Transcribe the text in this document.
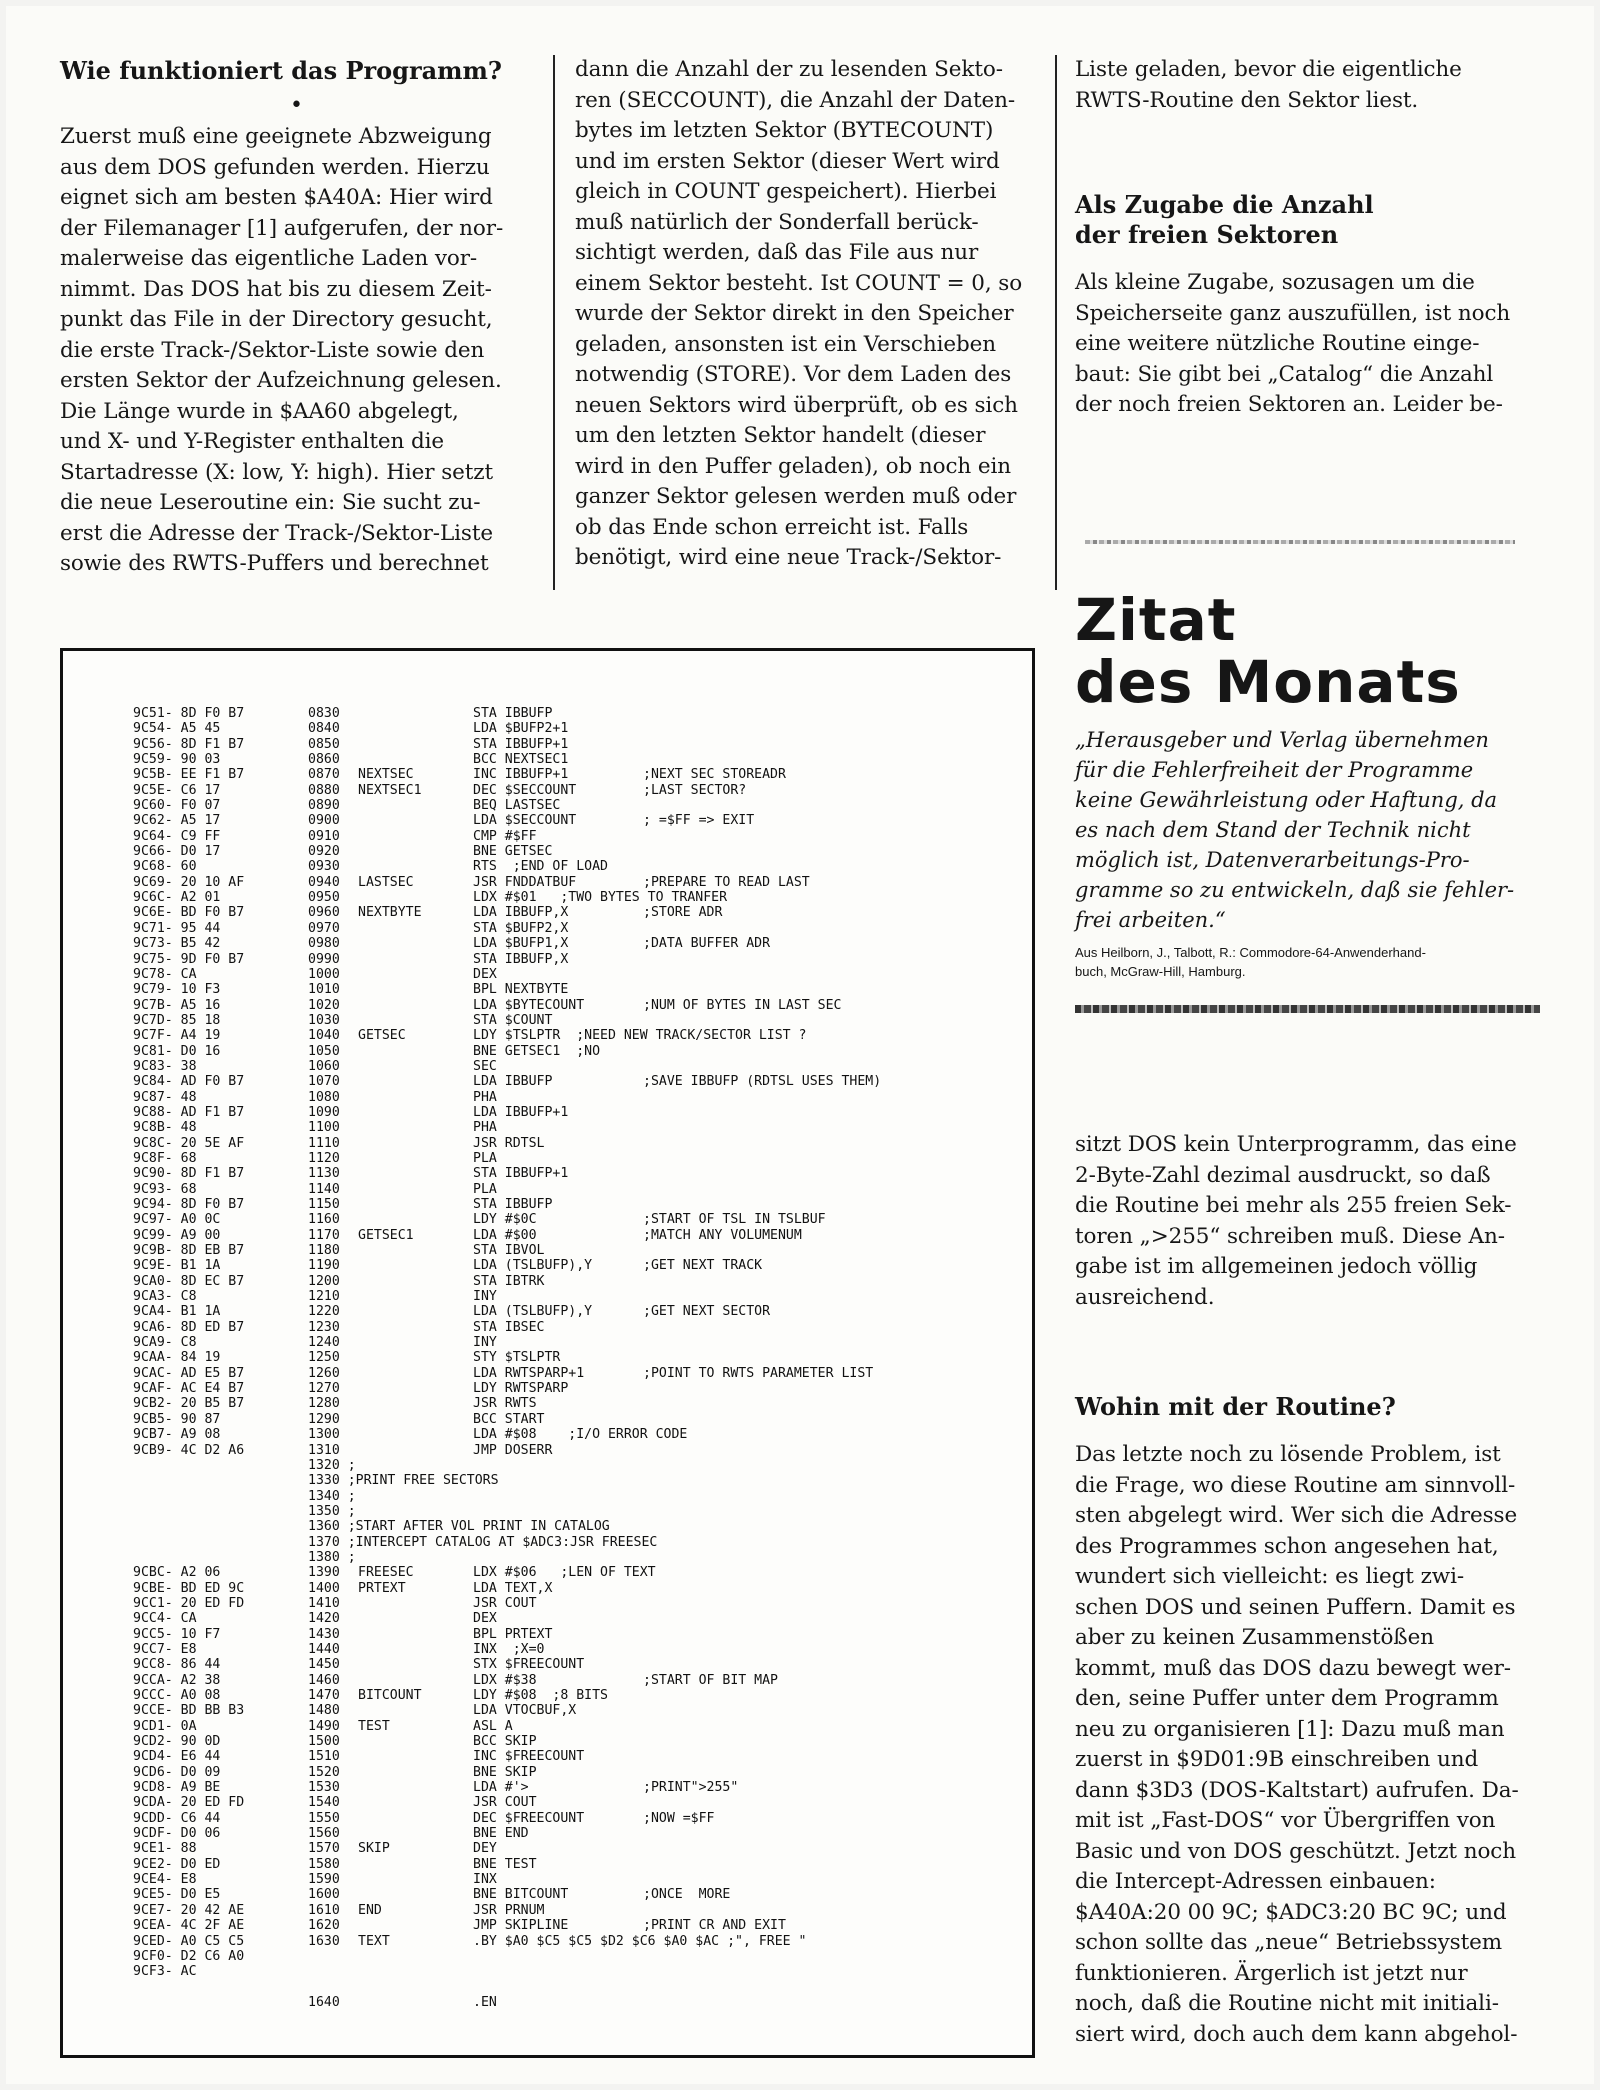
Wie funktioniert das Programm?
•
Zuerst muß eine geeignete Abzweigung
aus dem DOS gefunden werden. Hierzu
eignet sich am besten $A40A: Hier wird
der Filemanager [1] aufgerufen, der nor-
malerweise das eigentliche Laden vor-
nimmt. Das DOS hat bis zu diesem Zeit-
punkt das File in der Directory gesucht,
die erste Track-/Sektor-Liste sowie den
ersten Sektor der Aufzeichnung gelesen.
Die Länge wurde in $AA60 abgelegt,
und X- und Y-Register enthalten die
Startadresse (X: low, Y: high). Hier setzt
die neue Leseroutine ein: Sie sucht zu-
erst die Adresse der Track-/Sektor-Liste
sowie des RWTS-Puffers und berechnet
dann die Anzahl der zu lesenden Sekto-
ren (SECCOUNT), die Anzahl der Daten-
bytes im letzten Sektor (BYTECOUNT)
und im ersten Sektor (dieser Wert wird
gleich in COUNT gespeichert). Hierbei
muß natürlich der Sonderfall berück-
sichtigt werden, daß das File aus nur
einem Sektor besteht. Ist COUNT = 0, so
wurde der Sektor direkt in den Speicher
geladen, ansonsten ist ein Verschieben
notwendig (STORE). Vor dem Laden des
neuen Sektors wird überprüft, ob es sich
um den letzten Sektor handelt (dieser
wird in den Puffer geladen), ob noch ein
ganzer Sektor gelesen werden muß oder
ob das Ende schon erreicht ist. Falls
benötigt, wird eine neue Track-/Sektor-
Liste geladen, bevor die eigentliche
RWTS-Routine den Sektor liest.
Als Zugabe die Anzahl
der freien Sektoren
Als kleine Zugabe, sozusagen um die
Speicherseite ganz auszufüllen, ist noch
eine weitere nützliche Routine einge-
baut: Sie gibt bei „Catalog“ die Anzahl
der noch freien Sektoren an. Leider be-
Zitat
des Monats
„Herausgeber und Verlag übernehmen
für die Fehlerfreiheit der Programme
keine Gewährleistung oder Haftung, da
es nach dem Stand der Technik nicht
möglich ist, Datenverarbeitungs-Pro-
gramme so zu entwickeln, daß sie fehler-
frei arbeiten.“
Aus Heilborn, J., Talbott, R.: Commodore-64-Anwenderhand-
buch, McGraw-Hill, Hamburg.
sitzt DOS kein Unterprogramm, das eine
2-Byte-Zahl dezimal ausdruckt, so daß
die Routine bei mehr als 255 freien Sek-
toren „>255“ schreiben muß. Diese An-
gabe ist im allgemeinen jedoch völlig
ausreichend.
Wohin mit der Routine?
Das letzte noch zu lösende Problem, ist
die Frage, wo diese Routine am sinnvoll-
sten abgelegt wird. Wer sich die Adresse
des Programmes schon angesehen hat,
wundert sich vielleicht: es liegt zwi-
schen DOS und seinen Puffern. Damit es
aber zu keinen Zusammenstößen
kommt, muß das DOS dazu bewegt wer-
den, seine Puffer unter dem Programm
neu zu organisieren [1]: Dazu muß man
zuerst in $9D01:9B einschreiben und
dann $3D3 (DOS-Kaltstart) aufrufen. Da-
mit ist „Fast-DOS“ vor Übergriffen von
Basic und von DOS geschützt. Jetzt noch
die Intercept-Adressen einbauen:
$A40A:20 00 9C; $ADC3:20 BC 9C; und
schon sollte das „neue“ Betriebssystem
funktionieren. Ärgerlich ist jetzt nur
noch, daß die Routine nicht mit initiali-
siert wird, doch auch dem kann abgehol-
9C51- 8D F0 B7	0830	STA IBBUFP
9C54- A5 45	0840	LDA $BUFP2+1
9C56- 8D F1 B7	0850	STA IBBUFP+1
9C59- 90 03	0860	BCC NEXTSEC1
9C5B- EE F1 B7	0870 NEXTSEC	INC IBBUFP+1	;NEXT SEC STOREADR
9C5E- C6 17	0880 NEXTSEC1	DEC $SECCOUNT	;LAST SECTOR?
9C60- F0 07	0890	BEQ LASTSEC
9C62- A5 17	0900	LDA $SECCOUNT	; =$FF => EXIT
9C64- C9 FF	0910	CMP #$FF
9C66- D0 17	0920	BNE GETSEC
9C68- 60	0930	RTS  ;END OF LOAD
9C69- 20 10 AF	0940 LASTSEC	JSR FNDDATBUF	;PREPARE TO READ LAST
9C6C- A2 01	0950	LDX #$01   ;TWO BYTES TO TRANFER
9C6E- BD F0 B7	0960 NEXTBYTE	LDA IBBUFP,X	;STORE ADR
9C71- 95 44	0970	STA $BUFP2,X
9C73- B5 42	0980	LDA $BUFP1,X	;DATA BUFFER ADR
9C75- 9D F0 B7	0990	STA IBBUFP,X
9C78- CA	1000	DEX
9C79- 10 F3	1010	BPL NEXTBYTE
9C7B- A5 16	1020	LDA $BYTECOUNT	;NUM OF BYTES IN LAST SEC
9C7D- 85 18	1030	STA $COUNT
9C7F- A4 19	1040 GETSEC	LDY $TSLPTR  ;NEED NEW TRACK/SECTOR LIST ?
9C81- D0 16	1050	BNE GETSEC1  ;NO
9C83- 38	1060	SEC
9C84- AD F0 B7	1070	LDA IBBUFP	;SAVE IBBUFP (RDTSL USES THEM)
9C87- 48	1080	PHA
9C88- AD F1 B7	1090	LDA IBBUFP+1
9C8B- 48	1100	PHA
9C8C- 20 5E AF	1110	JSR RDTSL
9C8F- 68	1120	PLA
9C90- 8D F1 B7	1130	STA IBBUFP+1
9C93- 68	1140	PLA
9C94- 8D F0 B7	1150	STA IBBUFP
9C97- A0 0C	1160	LDY #$0C	;START OF TSL IN TSLBUF
9C99- A9 00	1170 GETSEC1	LDA #$00	;MATCH ANY VOLUMENUM
9C9B- 8D EB B7	1180	STA IBVOL
9C9E- B1 1A	1190	LDA (TSLBUFP),Y	;GET NEXT TRACK
9CA0- 8D EC B7	1200	STA IBTRK
9CA3- C8	1210	INY
9CA4- B1 1A	1220	LDA (TSLBUFP),Y	;GET NEXT SECTOR
9CA6- 8D ED B7	1230	STA IBSEC
9CA9- C8	1240	INY
9CAA- 84 19	1250	STY $TSLPTR
9CAC- AD E5 B7	1260	LDA RWTSPARP+1	;POINT TO RWTS PARAMETER LIST
9CAF- AC E4 B7	1270	LDY RWTSPARP
9CB2- 20 B5 B7	1280	JSR RWTS
9CB5- 90 87	1290	BCC START
9CB7- A9 08	1300	LDA #$08    ;I/O ERROR CODE
9CB9- 4C D2 A6	1310	JMP DOSERR
1320 ;
1330 ;PRINT FREE SECTORS
1340 ;
1350 ;
1360 ;START AFTER VOL PRINT IN CATALOG
1370 ;INTERCEPT CATALOG AT $ADC3:JSR FREESEC
1380 ;
9CBC- A2 06	1390 FREESEC	LDX #$06   ;LEN OF TEXT
9CBE- BD ED 9C	1400 PRTEXT	LDA TEXT,X
9CC1- 20 ED FD	1410	JSR COUT
9CC4- CA	1420	DEX
9CC5- 10 F7	1430	BPL PRTEXT
9CC7- E8	1440	INX  ;X=0
9CC8- 86 44	1450	STX $FREECOUNT
9CCA- A2 38	1460	LDX #$38	;START OF BIT MAP
9CCC- A0 08	1470 BITCOUNT	LDY #$08  ;8 BITS
9CCE- BD BB B3	1480	LDA VTOCBUF,X
9CD1- 0A	1490 TEST	ASL A
9CD2- 90 0D	1500	BCC SKIP
9CD4- E6 44	1510	INC $FREECOUNT
9CD6- D0 09	1520	BNE SKIP
9CD8- A9 BE	1530	LDA #'>	;PRINT">255"
9CDA- 20 ED FD	1540	JSR COUT
9CDD- C6 44	1550	DEC $FREECOUNT	;NOW =$FF
9CDF- D0 06	1560	BNE END
9CE1- 88	1570 SKIP	DEY
9CE2- D0 ED	1580	BNE TEST
9CE4- E8	1590	INX
9CE5- D0 E5	1600	BNE BITCOUNT	;ONCE  MORE
9CE7- 20 42 AE	1610 END	JSR PRNUM
9CEA- 4C 2F AE	1620	JMP SKIPLINE	;PRINT CR AND EXIT
9CED- A0 C5 C5	1630 TEXT	.BY $A0 $C5 $C5 $D2 $C6 $A0 $AC ;", FREE "
9CF0- D2 C6 A0
9CF3- AC
1640	.EN
